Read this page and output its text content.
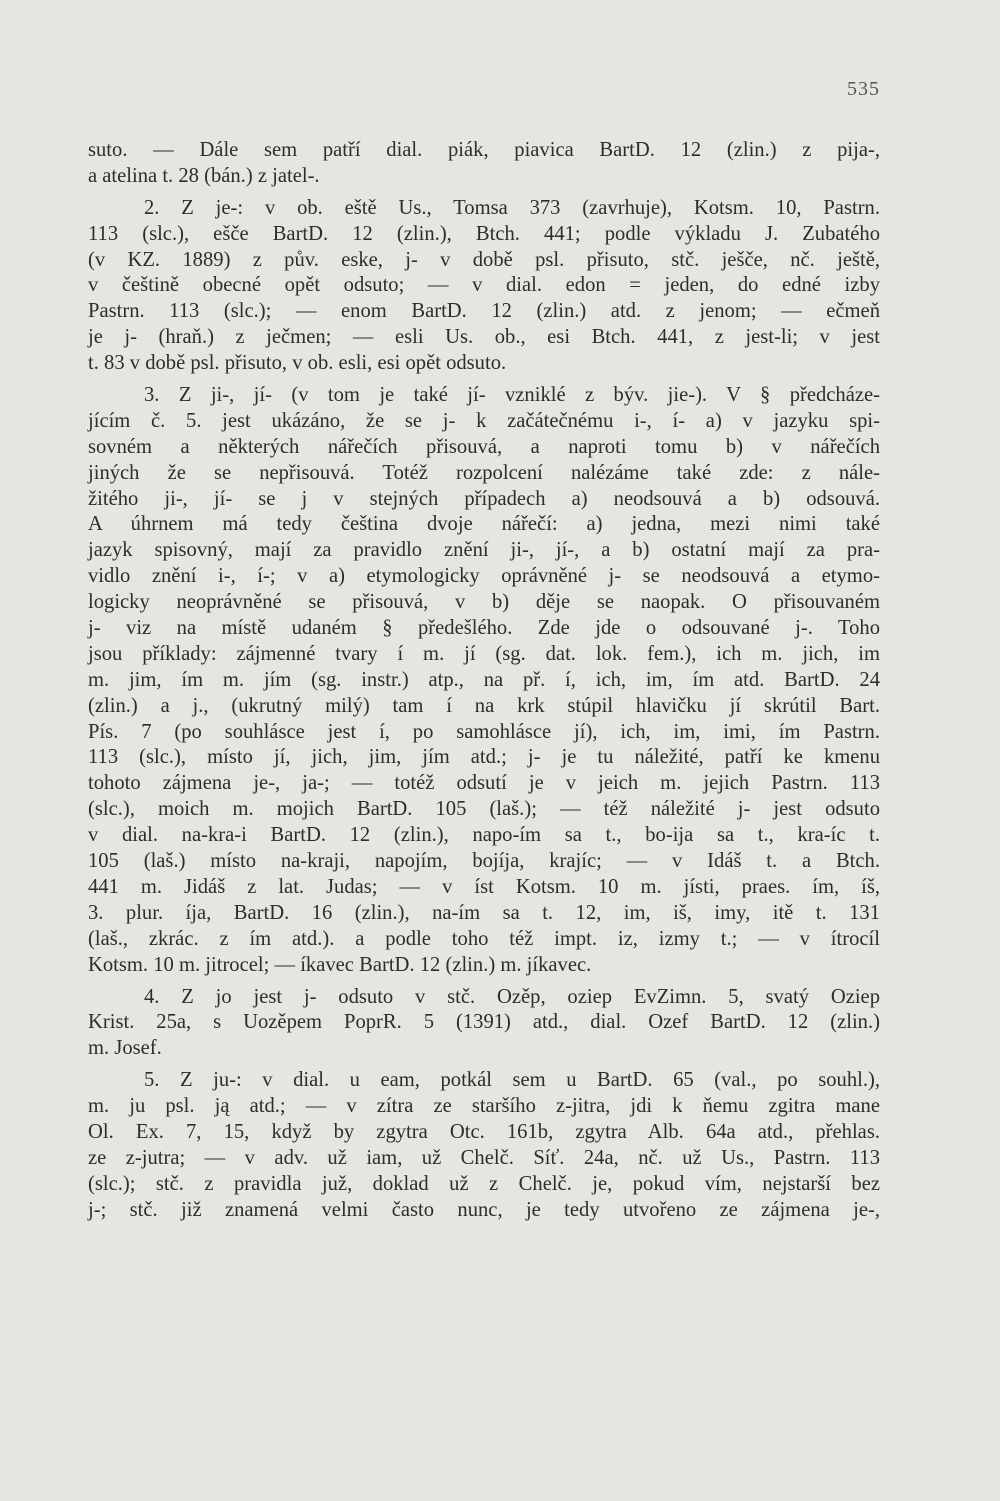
535
suto. — Dále sem patří dial. piák, piavica BartD. 12 (zlin.) z pija-,
a atelina t. 28 (bán.) z jatel-.
2. Z je-: v ob. eště Us., Tomsa 373 (zavrhuje), Kotsm. 10, Pastrn.
113 (slc.), ešče BartD. 12 (zlin.), Btch. 441; podle výkladu J. Zubatého
(v KZ. 1889) z pův. eske, j- v době psl. přisuto, stč. ješče, nč. ještě,
v češtině obecné opět odsuto; — v dial. edon = jeden, do edné izby
Pastrn. 113 (slc.); — enom BartD. 12 (zlin.) atd. z jenom; — ečmeň
je j- (hraň.) z ječmen; — esli Us. ob., esi Btch. 441, z jest-li; v jest
t. 83 v době psl. přisuto, v ob. esli, esi opět odsuto.
3. Z ji-, jí- (v tom je také jí- vzniklé z býv. jie-). V § předcháze-
jícím č. 5. jest ukázáno, že se j- k začátečnému i-, í- a) v jazyku spi-
sovném a některých nářečích přisouvá, a naproti tomu b) v nářečích
jiných že se nepřisouvá. Totéž rozpolcení nalézáme také zde: z nále-
žitého ji-, jí- se j v stejných případech a) neodsouvá a b) odsouvá.
A úhrnem má tedy čeština dvoje nářečí: a) jedna, mezi nimi také
jazyk spisovný, mají za pravidlo znění ji-, jí-, a b) ostatní mají za pra-
vidlo znění i-, í-; v a) etymologicky oprávněné j- se neodsouvá a etymo-
logicky neoprávněné se přisouvá, v b) děje se naopak. O přisouvaném
j- viz na místě udaném § předešlého. Zde jde o odsouvané j-. Toho
jsou příklady: zájmenné tvary í m. jí (sg. dat. lok. fem.), ich m. jich, im
m. jim, ím m. jím (sg. instr.) atp., na př. í, ich, im, ím atd. BartD. 24
(zlin.) a j., (ukrutný milý) tam í na krk stúpil hlavičku jí skrútil Bart.
Pís. 7 (po souhlásce jest í, po samohlásce jí), ich, im, imi, ím Pastrn.
113 (slc.), místo jí, jich, jim, jím atd.; j- je tu náležité, patří ke kmenu
tohoto zájmena je-, ja-; — totéž odsutí je v jeich m. jejich Pastrn. 113
(slc.), moich m. mojich BartD. 105 (laš.); — též náležité j- jest odsuto
v dial. na-kra-i BartD. 12 (zlin.), napo-ím sa t., bo-ija sa t., kra-íc t.
105 (laš.) místo na-kraji, napojím, bojíja, krajíc; — v Idáš t. a Btch.
441 m. Jidáš z lat. Judas; — v íst Kotsm. 10 m. jísti, praes. ím, íš,
3. plur. íja, BartD. 16 (zlin.), na-ím sa t. 12, im, iš, imy, itě t. 131
(laš., zkrác. z ím atd.). a podle toho též impt. iz, izmy t.; — v ítrocíl
Kotsm. 10 m. jitrocel; — íkavec BartD. 12 (zlin.) m. jíkavec.
4. Z jo jest j- odsuto v stč. Ozěp, oziep EvZimn. 5, svatý Oziep
Krist. 25a, s Uozěpem PoprR. 5 (1391) atd., dial. Ozef BartD. 12 (zlin.)
m. Josef.
5. Z ju-: v dial. u eam, potkál sem u BartD. 65 (val., po souhl.),
m. ju psl. ją atd.; — v zítra ze staršího z-jitra, jdi k ňemu zgitra mane
Ol. Ex. 7, 15, když by zgytra Otc. 161b, zgytra Alb. 64a atd., přehlas.
ze z-jutra; — v adv. už iam, už Chelč. Síť. 24a, nč. už Us., Pastrn. 113
(slc.); stč. z pravidla juž, doklad už z Chelč. je, pokud vím, nejstarší bez
j-; stč. již znamená velmi často nunc, je tedy utvořeno ze zájmena je-,
